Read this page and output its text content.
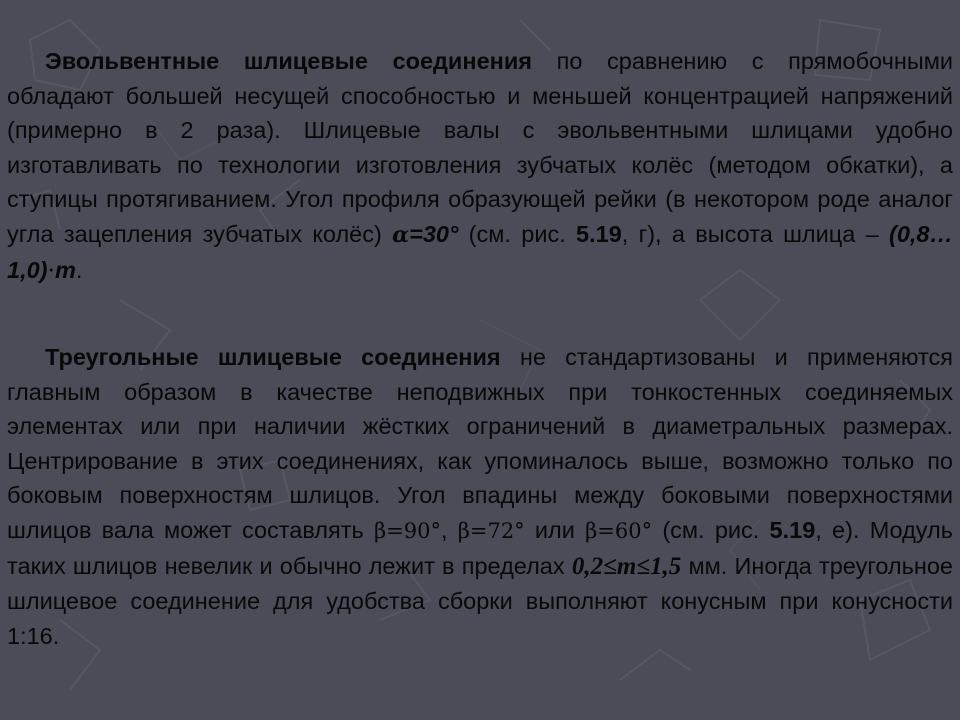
Эвольвентные шлицевые соединения по сравнению с прямобочными обладают большей несущей способностью и меньшей концентрацией напряжений (примерно в 2 раза). Шлицевые валы с эвольвентными шлицами удобно изготавливать по технологии изготовления зубчатых колёс (методом обкатки), а ступицы протягиванием. Угол профиля образующей рейки (в некотором роде аналог угла зацепления зубчатых колёс) α=30° (см. рис. 5.19, г), а высота шлица – (0,8…1,0)·m.
Треугольные шлицевые соединения не стандартизованы и применяются главным образом в качестве неподвижных при тонкостенных соединяемых элементах или при наличии жёстких ограничений в диаметральных размерах. Центрирование в этих соединениях, как упоминалось выше, возможно только по боковым поверхностям шлицов. Угол впадины между боковыми поверхностями шлицов вала может составлять β=90°, β=72° или β=60° (см. рис. 5.19, е). Модуль таких шлицов невелик и обычно лежит в пределах 0,2≤m≤1,5 мм. Иногда треугольное шлицевое соединение для удобства сборки выполняют конусным при конусности 1:16.
